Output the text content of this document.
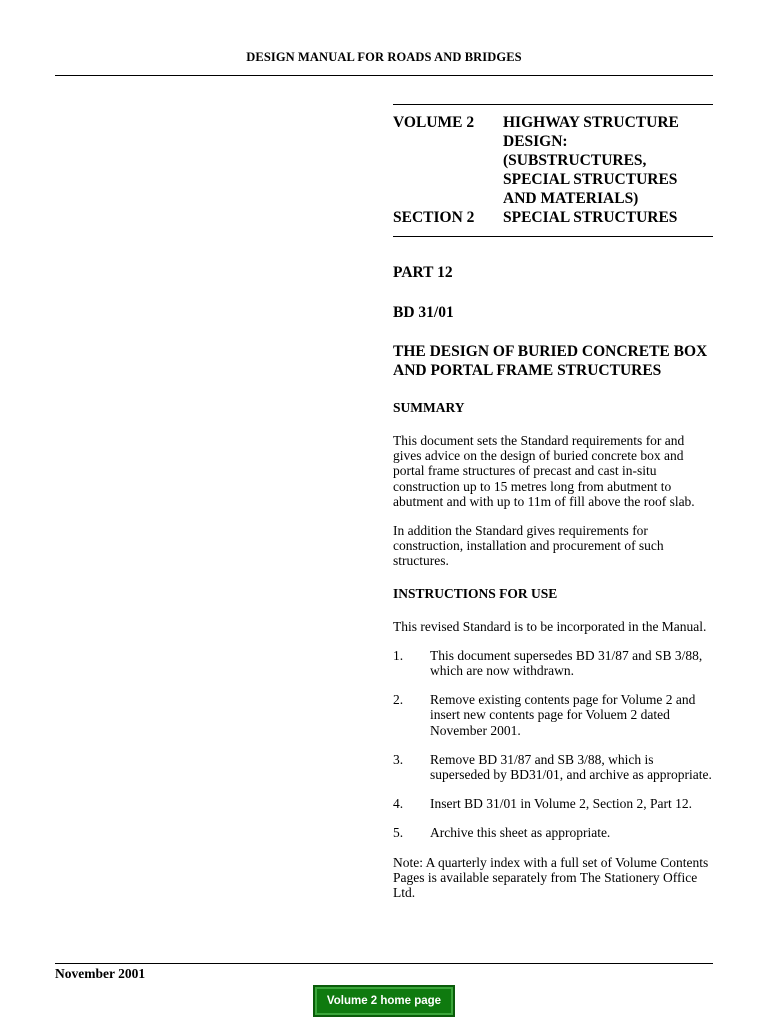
DESIGN MANUAL FOR ROADS AND BRIDGES
VOLUME 2	HIGHWAY STRUCTURE DESIGN: (SUBSTRUCTURES, SPECIAL STRUCTURES AND MATERIALS)
SECTION 2	SPECIAL STRUCTURES
PART 12
BD 31/01
THE DESIGN OF BURIED CONCRETE BOX AND PORTAL FRAME STRUCTURES
SUMMARY
This document sets the Standard requirements for and gives advice on the design of buried concrete box and portal frame structures of precast and cast in-situ construction up to 15 metres long from abutment to abutment and with up to 11m of fill above the roof slab.
In addition the Standard gives requirements for construction, installation and procurement of such structures.
INSTRUCTIONS FOR USE
This revised Standard is to be incorporated in the Manual.
1.	This document supersedes BD 31/87 and SB 3/88, which are now withdrawn.
2.	Remove existing contents page for Volume 2 and insert new contents page for Voluem 2 dated November 2001.
3.	Remove BD 31/87 and SB 3/88, which is superseded by BD31/01, and archive as appropriate.
4.	Insert BD 31/01 in Volume 2, Section 2, Part 12.
5.	Archive this sheet as appropriate.
Note: A quarterly index with a full set of Volume Contents Pages is available separately from The Stationery Office Ltd.
November 2001
Volume 2 home page
